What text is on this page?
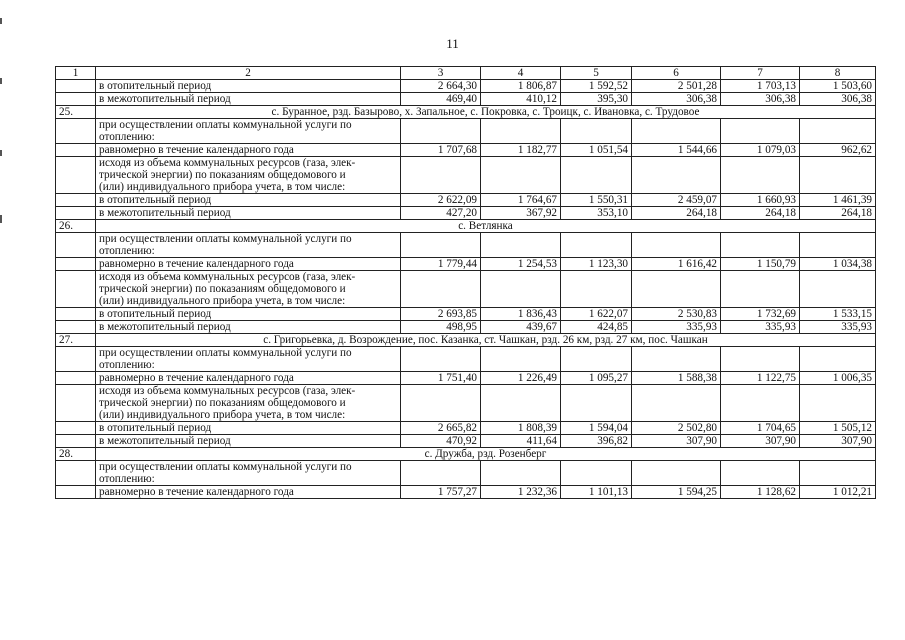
11
1	2	3	4	5	6	7	8
	в отопительный период	2 664,30	1 806,87	1 592,52	2 501,28	1 703,13	1 503,60
	в межотопительный период	469,40	410,12	395,30	306,38	306,38	306,38
25.	с. Буранное, рзд. Базырово, х. Запальное, с. Покровка, с. Троицк, с. Ивановка, с. Трудовое						

	при осуществлении оплаты коммунальной услуги по
отоплению:						

	равномерно в течение календарного года	1 707,68	1 182,77	1 051,54	1 544,66	1 079,03	962,62

	исходя из объема коммунальных ресурсов (газа, элек-
трической энергии) по показаниям общедомового и
(или) индивидуального прибора учета, в том числе:						

	в отопительный период	2 622,09	1 764,67	1 550,31	2 459,07	1 660,93	1 461,39
	в межотопительный период	427,20	367,92	353,10	264,18	264,18	264,18
26.	с. Ветлянка						

	при осуществлении оплаты коммунальной услуги по
отоплению:						

	равномерно в течение календарного года	1 779,44	1 254,53	1 123,30	1 616,42	1 150,79	1 034,38

	исходя из объема коммунальных ресурсов (газа, элек-
трической энергии) по показаниям общедомового и
(или) индивидуального прибора учета, в том числе:						

	в отопительный период	2 693,85	1 836,43	1 622,07	2 530,83	1 732,69	1 533,15
	в межотопительный период	498,95	439,67	424,85	335,93	335,93	335,93
27.	с. Григорьевка, д. Возрождение, пос. Казанка, ст. Чашкан, рзд. 26 км, рзд. 27 км, пос. Чашкан						

	при осуществлении оплаты коммунальной услуги по
отоплению:						

	равномерно в течение календарного года	1 751,40	1 226,49	1 095,27	1 588,38	1 122,75	1 006,35

	исходя из объема коммунальных ресурсов (газа, элек-
трической энергии) по показаниям общедомового и
(или) индивидуального прибора учета, в том числе:						

	в отопительный период	2 665,82	1 808,39	1 594,04	2 502,80	1 704,65	1 505,12
	в межотопительный период	470,92	411,64	396,82	307,90	307,90	307,90
28.	с. Дружба, рзд. Розенберг						

	при осуществлении оплаты коммунальной услуги по
отоплению:						

	равномерно в течение календарного года	1 757,27	1 232,36	1 101,13	1 594,25	1 128,62	1 012,21
